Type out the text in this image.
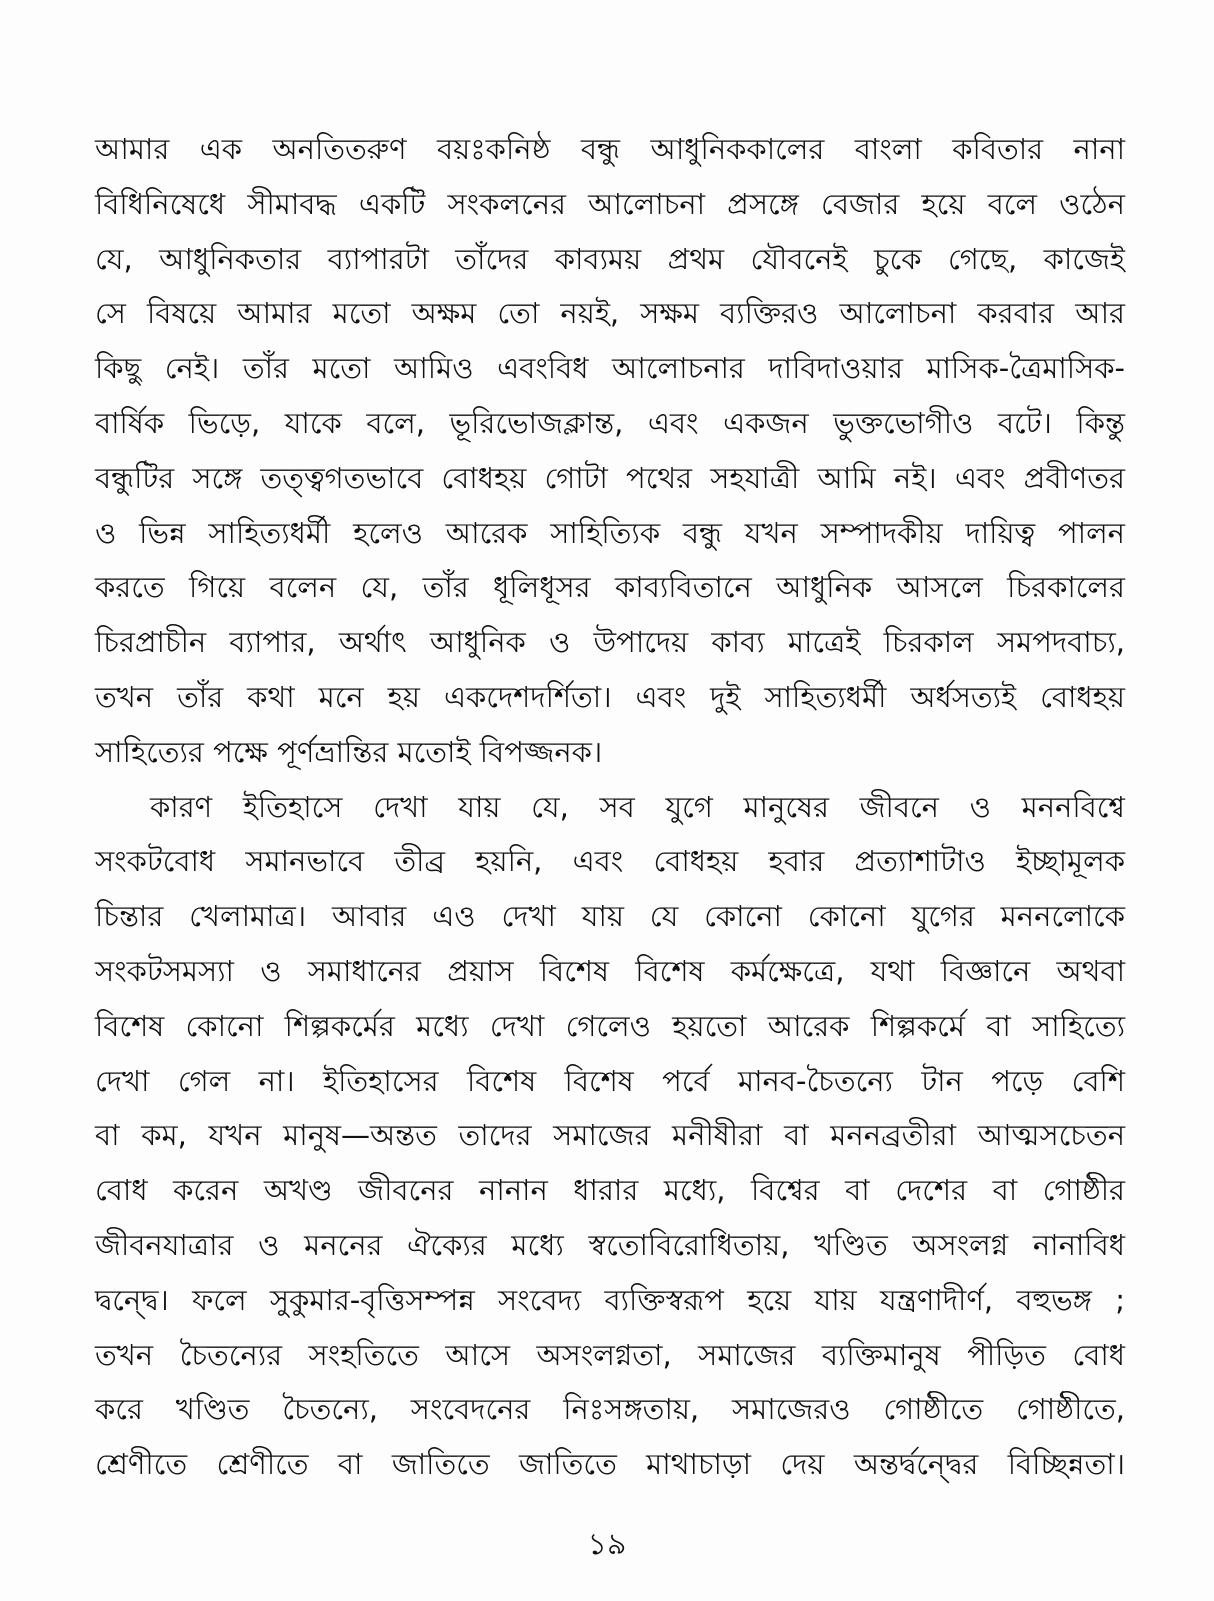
আমার এক অনতিতরুণ বয়ঃকনিষ্ঠ বন্ধু আধুনিককালের বাংলা কবিতার নানা
বিধিনিষেধে সীমাবদ্ধ একটি সংকলনের আলোচনা প্রসঙ্গে বেজার হয়ে বলে ওঠেন
যে, আধুনিকতার ব্যাপারটা তাঁদের কাব্যময় প্রথম যৌবনেই চুকে গেছে, কাজেই
সে বিষয়ে আমার মতো অক্ষম তো নয়ই, সক্ষম ব্যক্তিরও আলোচনা করবার আর
কিছু নেই। তাঁর মতো আমিও এবংবিধ আলোচনার দাবিদাওয়ার মাসিক-ত্রৈমাসিক-
বার্ষিক ভিড়ে, যাকে বলে, ভূরিভোজক্লান্ত, এবং একজন ভুক্তভোগীও বটে। কিন্তু
বন্ধুটির সঙ্গে তত্ত্বগতভাবে বোধহয় গোটা পথের সহযাত্রী আমি নই। এবং প্রবীণতর
ও ভিন্ন সাহিত্যধর্মী হলেও আরেক সাহিত্যিক বন্ধু যখন সম্পাদকীয় দায়িত্ব পালন
করতে গিয়ে বলেন যে, তাঁর ধূলিধূসর কাব্যবিতানে আধুনিক আসলে চিরকালের
চিরপ্রাচীন ব্যাপার, অর্থাৎ আধুনিক ও উপাদেয় কাব্য মাত্রেই চিরকাল সমপদবাচ্য,
তখন তাঁর কথা মনে হয় একদেশদর্শিতা। এবং দুই সাহিত্যধর্মী অর্ধসত্যই বোধহয়
সাহিত্যের পক্ষে পূর্ণভ্রান্তির মতোই বিপজ্জনক।
কারণ ইতিহাসে দেখা যায় যে, সব যুগে মানুষের জীবনে ও মননবিশ্বে
সংকটবোধ সমানভাবে তীব্র হয়নি, এবং বোধহয় হবার প্রত্যাশাটাও ইচ্ছামূলক
চিন্তার খেলামাত্র। আবার এও দেখা যায় যে কোনো কোনো যুগের মননলোকে
সংকটসমস্যা ও সমাধানের প্রয়াস বিশেষ বিশেষ কর্মক্ষেত্রে, যথা বিজ্ঞানে অথবা
বিশেষ কোনো শিল্পকর্মের মধ্যে দেখা গেলেও হয়তো আরেক শিল্পকর্মে বা সাহিত্যে
দেখা গেল না। ইতিহাসের বিশেষ বিশেষ পর্বে মানব-চৈতন্যে টান পড়ে বেশি
বা কম, যখন মানুষ—অন্তত তাদের সমাজের মনীষীরা বা মননব্রতীরা আত্মসচেতন
বোধ করেন অখণ্ড জীবনের নানান ধারার মধ্যে, বিশ্বের বা দেশের বা গোষ্ঠীর
জীবনযাত্রার ও মননের ঐক্যের মধ্যে স্বতোবিরোধিতায়, খণ্ডিত অসংলগ্ন নানাবিধ
দ্বন্দ্বে। ফলে সুকুমার-বৃত্তিসম্পন্ন সংবেদ্য ব্যক্তিস্বরূপ হয়ে যায় যন্ত্রণাদীর্ণ, বহুভঙ্গ ;
তখন চৈতন্যের সংহতিতে আসে অসংলগ্নতা, সমাজের ব্যক্তিমানুষ পীড়িত বোধ
করে খণ্ডিত চৈতন্যে, সংবেদনের নিঃসঙ্গতায়, সমাজেরও গোষ্ঠীতে গোষ্ঠীতে,
শ্রেণীতে শ্রেণীতে বা জাতিতে জাতিতে মাথাচাড়া দেয় অন্তর্দ্বন্দ্বের বিচ্ছিন্নতা।
১৯
